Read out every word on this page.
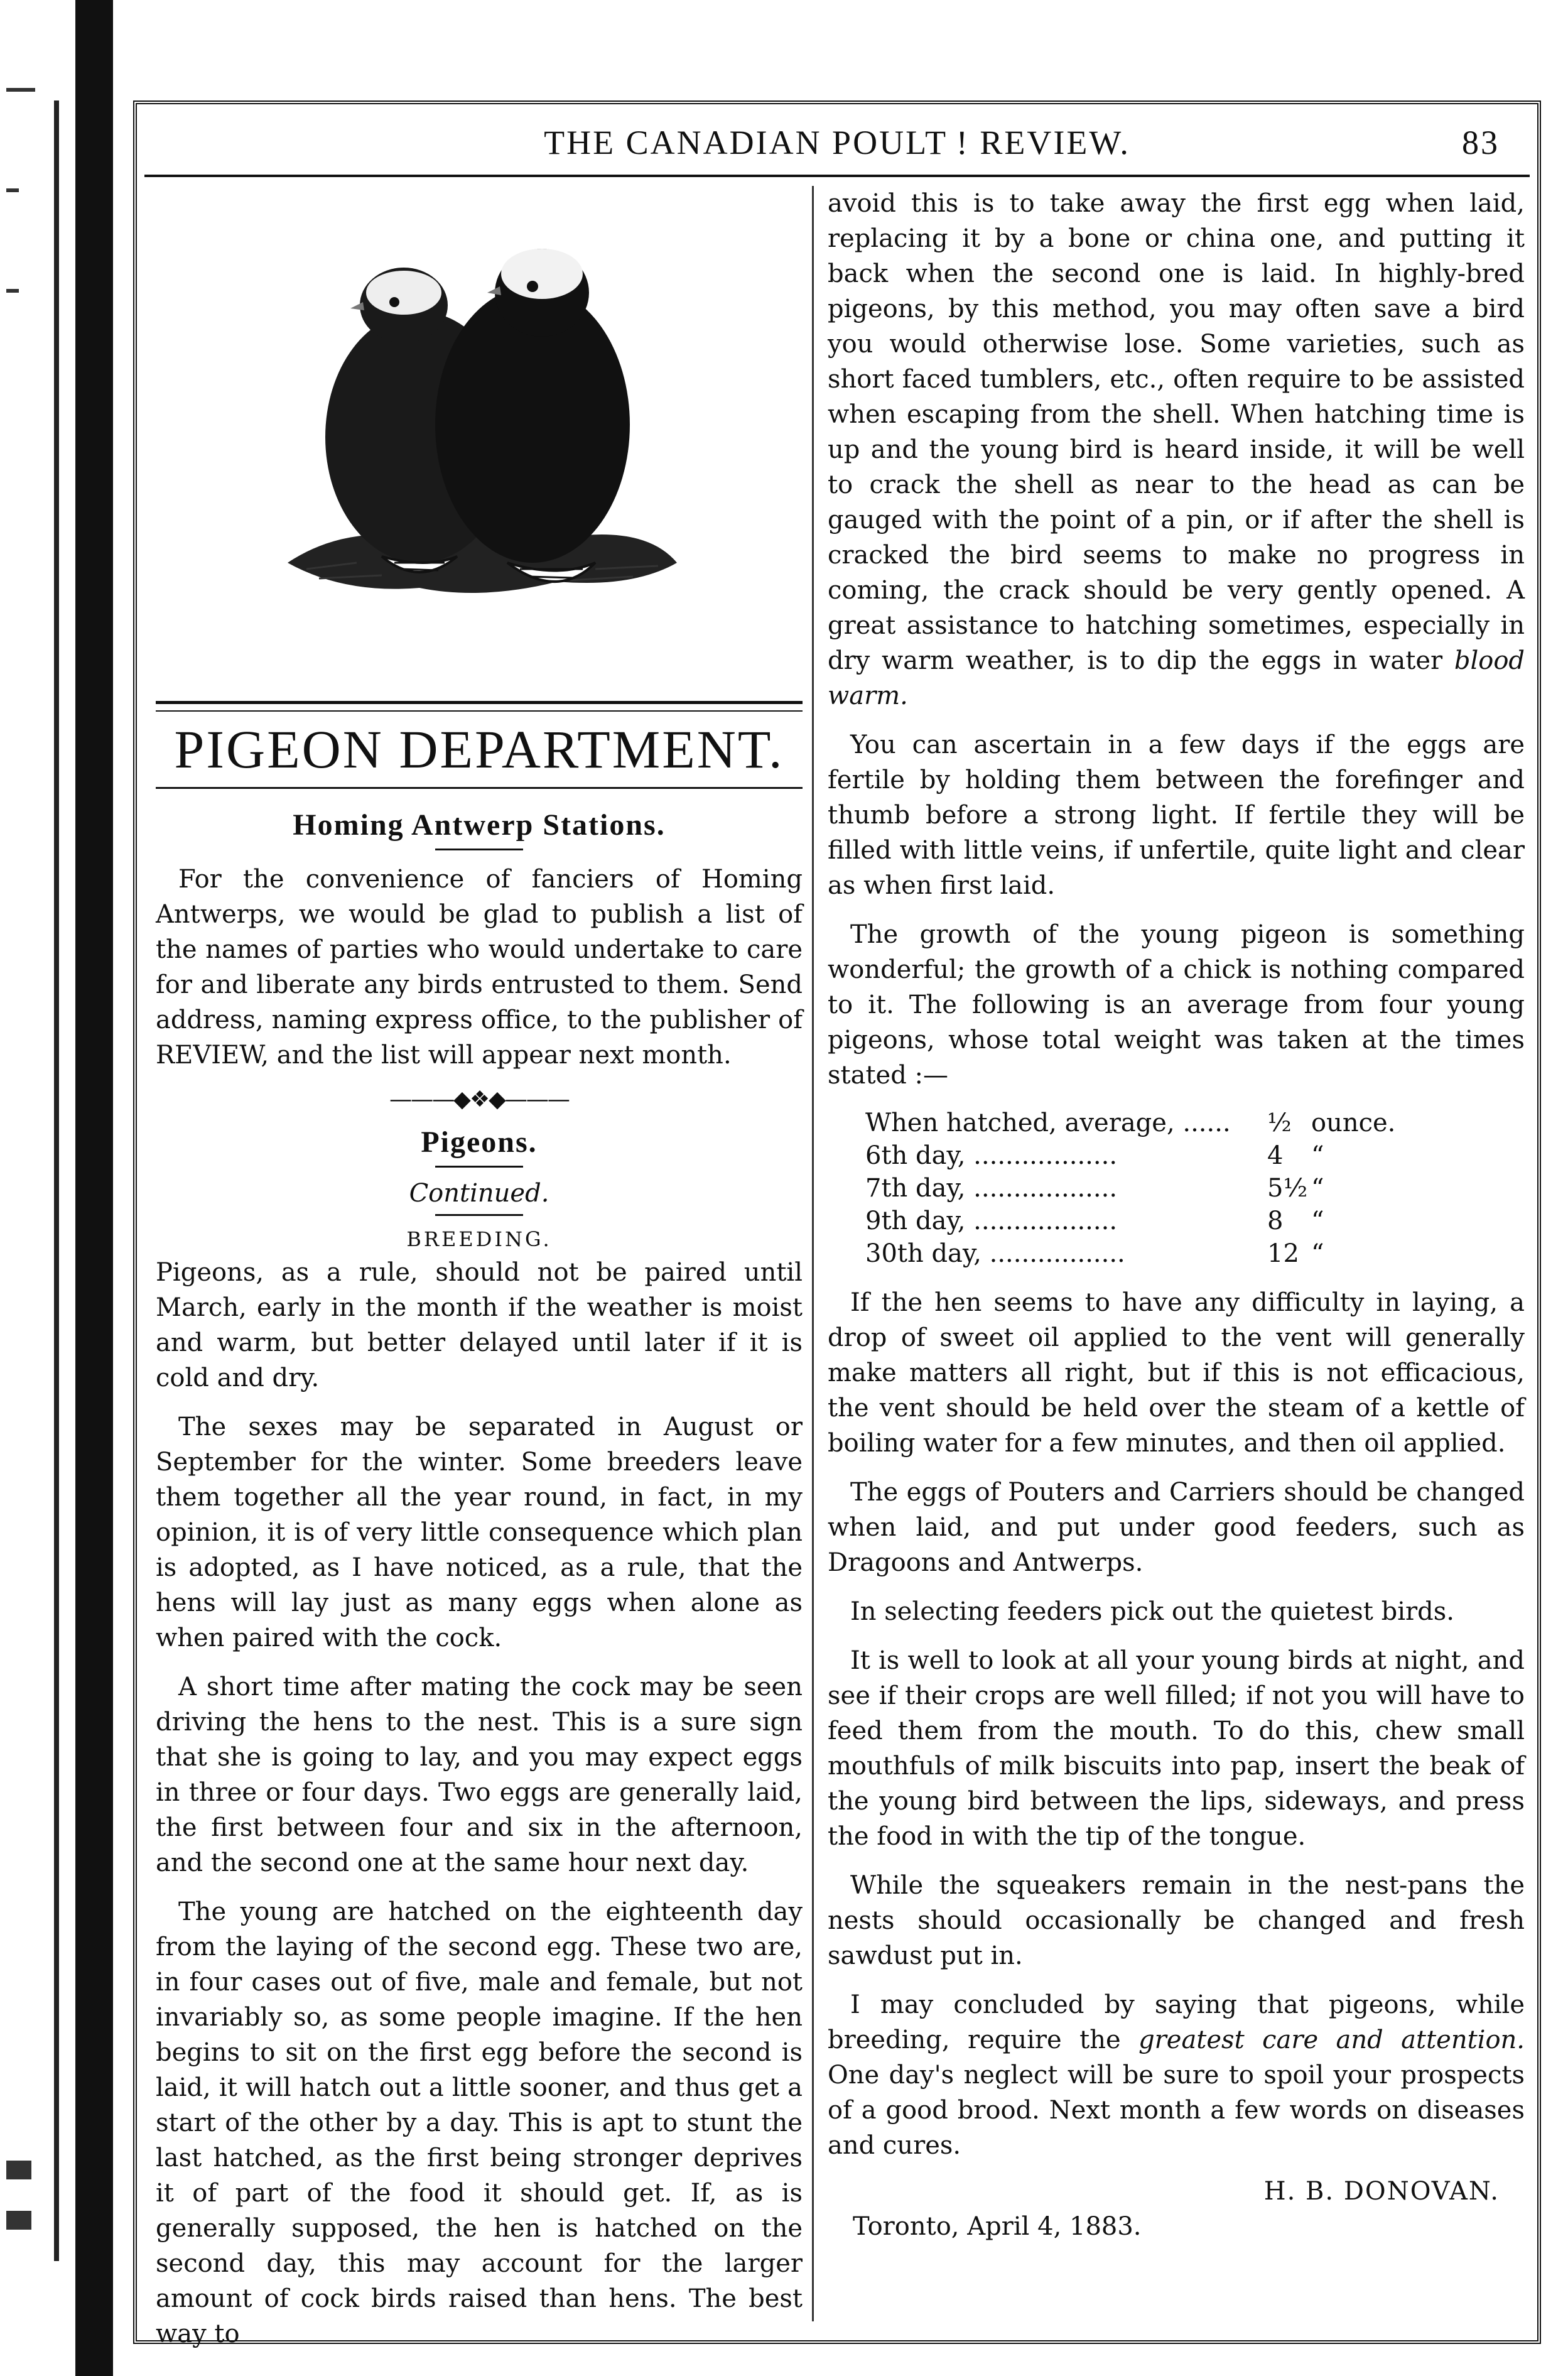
THE CANADIAN POULT ! REVIEW.	83
PIGEON DEPARTMENT.
Homing Antwerp Stations.

For the convenience of fanciers of Homing Antwerps, we would be glad to publish a list of the names of parties who would undertake to care for and liberate any birds entrusted to them. Send address, naming express office, to the publisher of REVIEW, and the list will appear next month.

———◆❖◆———
Pigeons.
Continued.
BREEDING.

Pigeons, as a rule, should not be paired until March, early in the month if the weather is moist and warm, but better delayed until later if it is cold and dry.

The sexes may be separated in August or September for the winter. Some breeders leave them together all the year round, in fact, in my opinion, it is of very little consequence which plan is adopted, as I have noticed, as a rule, that the hens will lay just as many eggs when alone as when paired with the cock.

A short time after mating the cock may be seen driving the hens to the nest. This is a sure sign that she is going to lay, and you may expect eggs in three or four days. Two eggs are generally laid, the first between four and six in the afternoon, and the second one at the same hour next day.

The young are hatched on the eighteenth day from the laying of the second egg. These two are, in four cases out of five, male and female, but not invariably so, as some people imagine. If the hen begins to sit on the first egg before the second is laid, it will hatch out a little sooner, and thus get a start of the other by a day. This is apt to stunt the last hatched, as the first being stronger deprives it of part of the food it should get. If, as is generally supposed, the hen is hatched on the second day, this may account for the larger amount of cock birds raised than hens. The best way to

avoid this is to take away the first egg when laid, replacing it by a bone or china one, and putting it back when the second one is laid. In highly-bred pigeons, by this method, you may often save a bird you would otherwise lose. Some varieties, such as short faced tumblers, etc., often require to be assisted when escaping from the shell. When hatching time is up and the young bird is heard inside, it will be well to crack the shell as near to the head as can be gauged with the point of a pin, or if after the shell is cracked the bird seems to make no progress in coming, the crack should be very gently opened. A great assistance to hatching sometimes, especially in dry warm weather, is to dip the eggs in water blood warm.

You can ascertain in a few days if the eggs are fertile by holding them between the forefinger and thumb before a strong light. If fertile they will be filled with little veins, if unfertile, quite light and clear as when first laid.

The growth of the young pigeon is something wonderful; the growth of a chick is nothing compared to it. The following is an average from four young pigeons, whose total weight was taken at the times stated :—

When hatched, average, ......	½ ounce.
6th day, ..................	4	“
7th day, ..................	5½ “
9th day, ..................	8	“
30th day, .................	12 “

If the hen seems to have any difficulty in laying, a drop of sweet oil applied to the vent will generally make matters all right, but if this is not efficacious, the vent should be held over the steam of a kettle of boiling water for a few minutes, and then oil applied.

The eggs of Pouters and Carriers should be changed when laid, and put under good feeders, such as Dragoons and Antwerps.

In selecting feeders pick out the quietest birds.

It is well to look at all your young birds at night, and see if their crops are well filled; if not you will have to feed them from the mouth. To do this, chew small mouthfuls of milk biscuits into pap, insert the beak of the young bird between the lips, sideways, and press the food in with the tip of the tongue.

While the squeakers remain in the nest-pans the nests should occasionally be changed and fresh sawdust put in.

I may concluded by saying that pigeons, while breeding, require the greatest care and attention. One day's neglect will be sure to spoil your prospects of a good brood. Next month a few words on diseases and cures.

H. B. DONOVAN.
Toronto, April 4, 1883.
